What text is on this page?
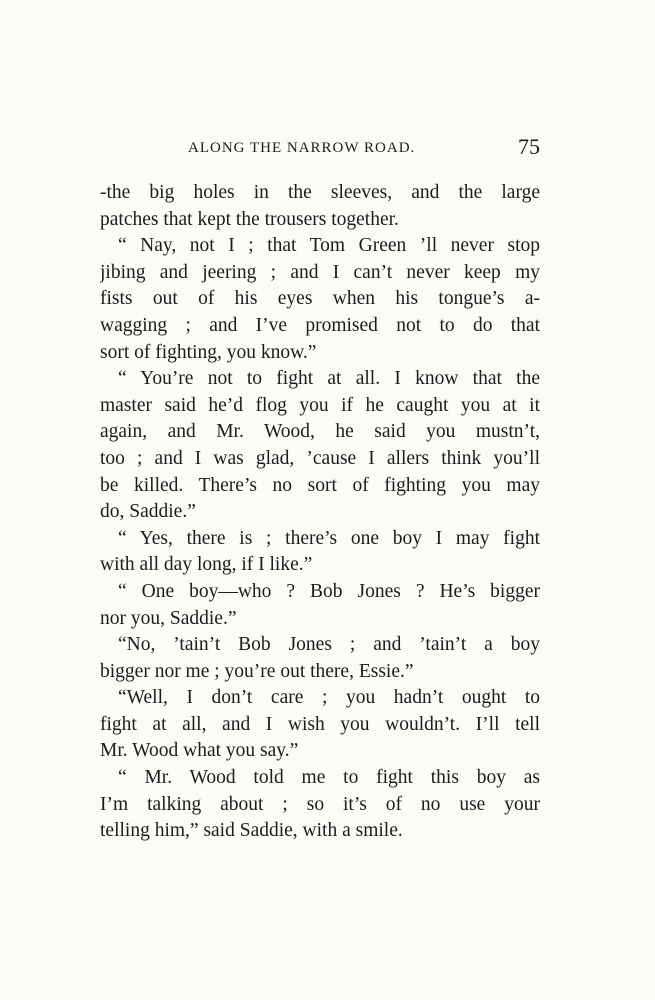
ALONG THE NARROW ROAD.	75
-the big holes in the sleeves, and the large
patches that kept the trousers together.
“ Nay, not I ; that Tom Green ’ll never stop
jibing and jeering ; and I can’t never keep my
fists out of his eyes when his tongue’s a-
wagging ; and I’ve promised not to do that
sort of fighting, you know.”
“ You’re not to fight at all. I know that the
master said he’d flog you if he caught you at it
again, and Mr. Wood, he said you mustn’t,
too ; and I was glad, ’cause I allers think you’ll
be killed. There’s no sort of fighting you may
do, Saddie.”
“ Yes, there is ; there’s one boy I may fight
with all day long, if I like.”
“ One boy—who ? Bob Jones ? He’s bigger
nor you, Saddie.”
“No, ’tain’t Bob Jones ; and ’tain’t a boy
bigger nor me ; you’re out there, Essie.”
“Well, I don’t care ; you hadn’t ought to
fight at all, and I wish you wouldn’t. I’ll tell
Mr. Wood what you say.”
“ Mr. Wood told me to fight this boy as
I’m talking about ; so it’s of no use your
telling him,” said Saddie, with a smile.
